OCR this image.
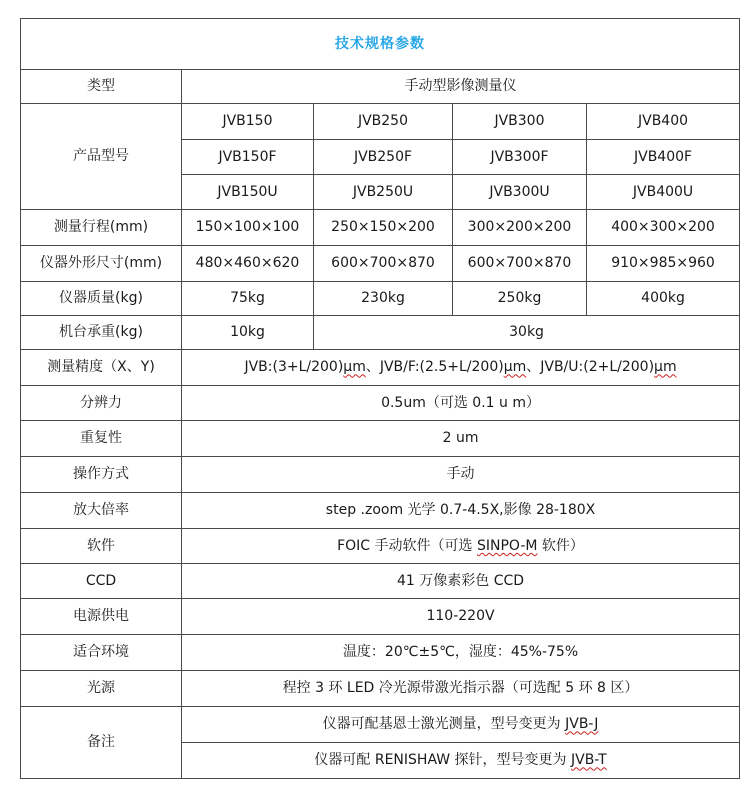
技术规格参数				
类型	手动型影像测量仪			
产品型号	JVB150	JVB250	JVB300	JVB400
	JVB150F	JVB250F	JVB300F	JVB400F
	JVB150U	JVB250U	JVB300U	JVB400U
测量行程(mm)	150×100×100	250×150×200	300×200×200	400×300×200
仪器外形尺寸(mm)	480×460×620	600×700×870	600×700×870	910×985×960
仪器质量(kg)	75kg	230kg	250kg	400kg
机台承重(kg)	10kg	30kg		
测量精度（X、Y)	JVB:(3+L/200)μm、JVB/F:(2.5+L/200)μm、JVB/U:(2+L/200)μm			
分辨力	0.5um（可选 0.1 u m）			
重复性	2 um			
操作方式	手动			
放大倍率	step .zoom 光学 0.7-4.5X,影像 28-180X			
软件	FOIC 手动软件（可选 SINPO-M 软件）			
CCD	41 万像素彩色 CCD			
电源供电	110-220V			
适合环境	温度：20℃±5℃，湿度：45%-75%			
光源	程控 3 环 LED 冷光源带激光指示器（可选配 5 环 8 区）			
备注	仪器可配基恩士激光测量，型号变更为 JVB-J			
	仪器可配 RENISHAW 探针，型号变更为 JVB-T			
